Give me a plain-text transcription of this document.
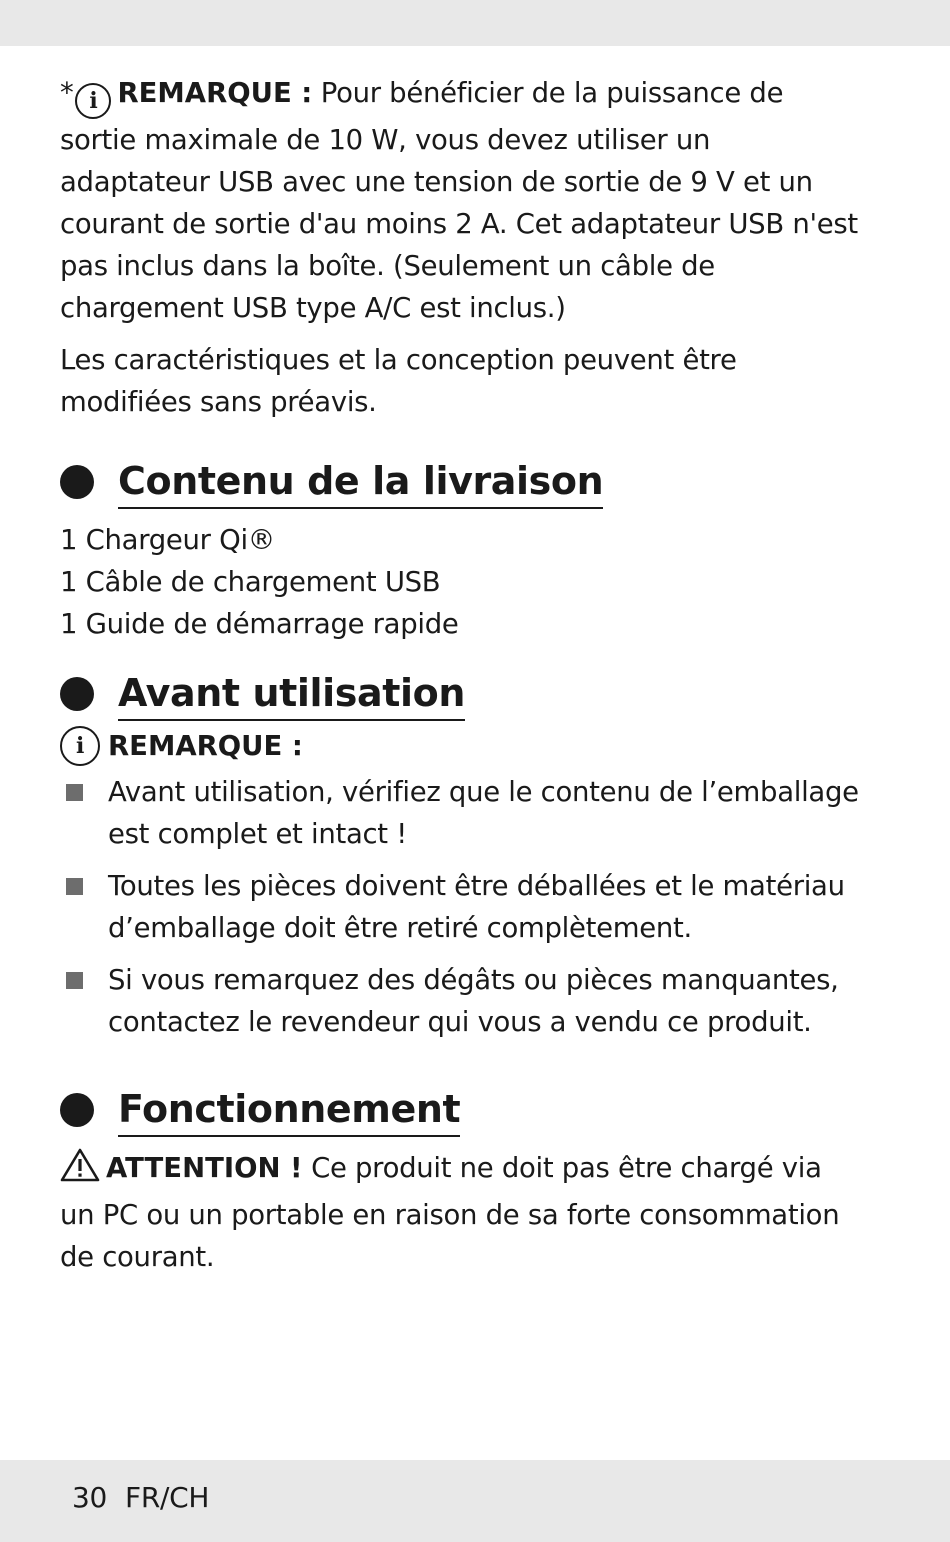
* i REMARQUE : Pour bénéficier de la puissance de sortie maximale de 10 W, vous devez utiliser un adaptateur USB avec une tension de sortie de 9 V et un courant de sortie d'au moins 2 A. Cet adaptateur USB n'est pas inclus dans la boîte. (Seulement un câble de chargement USB type A/C est inclus.)

Les caractéristiques et la conception peuvent être modifiées sans préavis.

Contenu de la livraison
1 Chargeur Qi®
1 Câble de chargement USB
1 Guide de démarrage rapide
Avant utilisation
i REMARQUE :
Avant utilisation, vérifiez que le contenu de l’emballage est complet et intact !
Toutes les pièces doivent être déballées et le matériau d’emballage doit être retiré complètement.
Si vous remarquez des dégâts ou pièces manquantes, contactez le revendeur qui vous a vendu ce produit.
Fonctionnement

ATTENTION ! Ce produit ne doit pas être chargé via un PC ou un portable en raison de sa forte consommation de courant.

30 FR/CH
